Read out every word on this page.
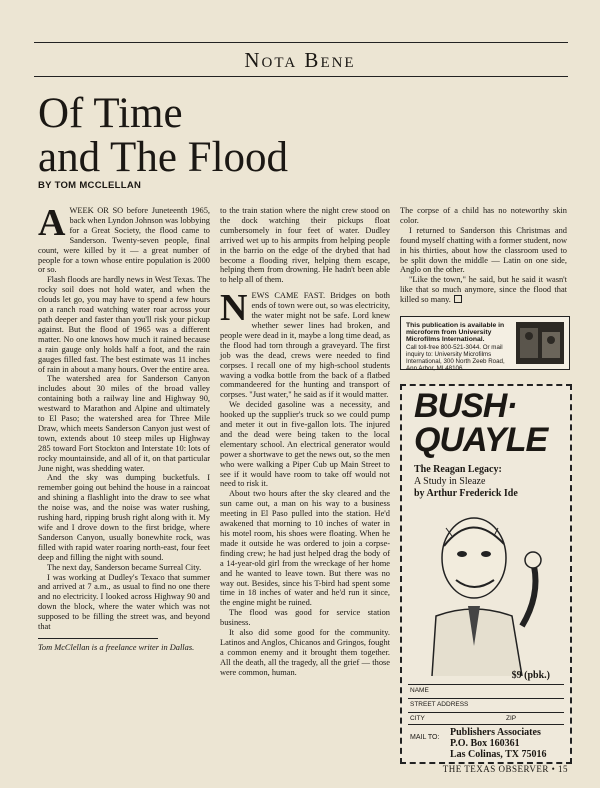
Nota Bene
Of Time
and The Flood
BY TOM MCCLELLAN

AWEEK OR SO before Juneteenth 1965, back when Lyndon Johnson was lobbying for a Great Society, the flood came to Sanderson. Twenty-seven people, final count, were killed by it — a great number of people for a town whose entire population is 2000 or so.

Flash floods are hardly news in West Texas. The rocky soil does not hold water, and when the clouds let go, you may have to spend a few hours on a ranch road watching water roar across your path deeper and faster than you'll risk your pickup against. But the flood of 1965 was a different matter. No one knows how much it rained because a rain gauge only holds half a foot, and the rain gauges filled fast. The best estimate was 11 inches of rain in about a many hours. Over the entire area.

The watershed area for Sanderson Canyon includes about 30 miles of the broad valley containing both a railway line and Highway 90, westward to Marathon and Alpine and ultimately to El Paso; the watershed area for Three Mile Draw, which meets Sanderson Canyon just west of town, extends about 10 steep miles up Highway 285 toward Fort Stockton and Interstate 10: lots of rocky mountainside, and all of it, on that particular June night, was shedding water.

And the sky was dumping bucketfuls. I remember going out behind the house in a raincoat and shining a flashlight into the draw to see what the noise was, and the noise was water rushing, rushing hard, ripping brush right along with it. My wife and I drove down to the first bridge, where Sanderson Canyon, usually bonewhite rock, was filled with rapid water roaring north-east, four feet deep and filling the night with sound.

The next day, Sanderson became Surreal City.

I was working at Dudley's Texaco that summer and arrived at 7 a.m., as usual to find no one there and no electricity. I looked across Highway 90 and down the block, where the water which was not supposed to be filling the street was, and beyond that

Tom McClellan is a freelance writer in Dallas.

to the train station where the night crew stood on the dock watching their pickups float cumbersomely in four feet of water. Dudley arrived wet up to his armpits from helping people in the barrio on the edge of the drybed that had become a flooding river, helping them escape, helping them from drowning. He hadn't been able to help all of them.

NEWS CAME FAST. Bridges on both ends of town were out, so was electricity, the water might not be safe. Lord knew whether sewer lines had broken, and people were dead in it, maybe a long time dead, as the flood had torn through a graveyard. The first job was the dead, crews were needed to find corpses. I recall one of my high-school students waving a vodka bottle from the back of a flatbed commandeered for the hunting and transport of corpses. "Just water," he said as if it would matter.

We decided gasoline was a necessity, and hooked up the supplier's truck so we could pump and meter it out in five-gallon lots. The injured and the dead were being taken to the local elementary school. An electrical generator would power a shortwave to get the news out, so the men who were walking a Piper Cub up Main Street to see if it would have room to take off would not need to risk it.

About two hours after the sky cleared and the sun came out, a man on his way to a business meeting in El Paso pulled into the station. He'd awakened that morning to 10 inches of water in his motel room, his shoes were floating. When he made it outside he was ordered to join a corpse-finding crew; he had just helped drag the body of a 14-year-old girl from the wreckage of her home and he wanted to leave town. But there was no way out. Besides, since his T-bird had spent some time in 18 inches of water and he'd run it since, the engine might be ruined.

The flood was good for service station business.

It also did some good for the community. Latinos and Anglos, Chicanos and Gringos, fought a common enemy and it brought them together. All the death, all the tragedy, all the grief — those were common, human.

The corpse of a child has no noteworthy skin color.

I returned to Sanderson this Christmas and found myself chatting with a former student, now in his thirties, about how the classroom used to be split down the middle — Latin on one side, Anglo on the other.

"Like the town," he said, but he said it wasn't like that so much anymore, since the flood that killed so many.

This publication is available in microform from University Microfilms International.
Call toll-free 800-521-3044. Or mail inquiry to: University Microfilms International, 300 North Zeeb Road, Ann Arbor, MI 48106.
BUSH·
QUAYLE
The Reagan Legacy:
A Study in Sleaze
by Arthur Frederick Ide
$9 (pbk.)
NAME
STREET ADDRESS
CITY	ZIP
MAIL TO: Publishers Associates
P.O. Box 160361
Las Colinas, TX 75016
THE TEXAS OBSERVER • 15
